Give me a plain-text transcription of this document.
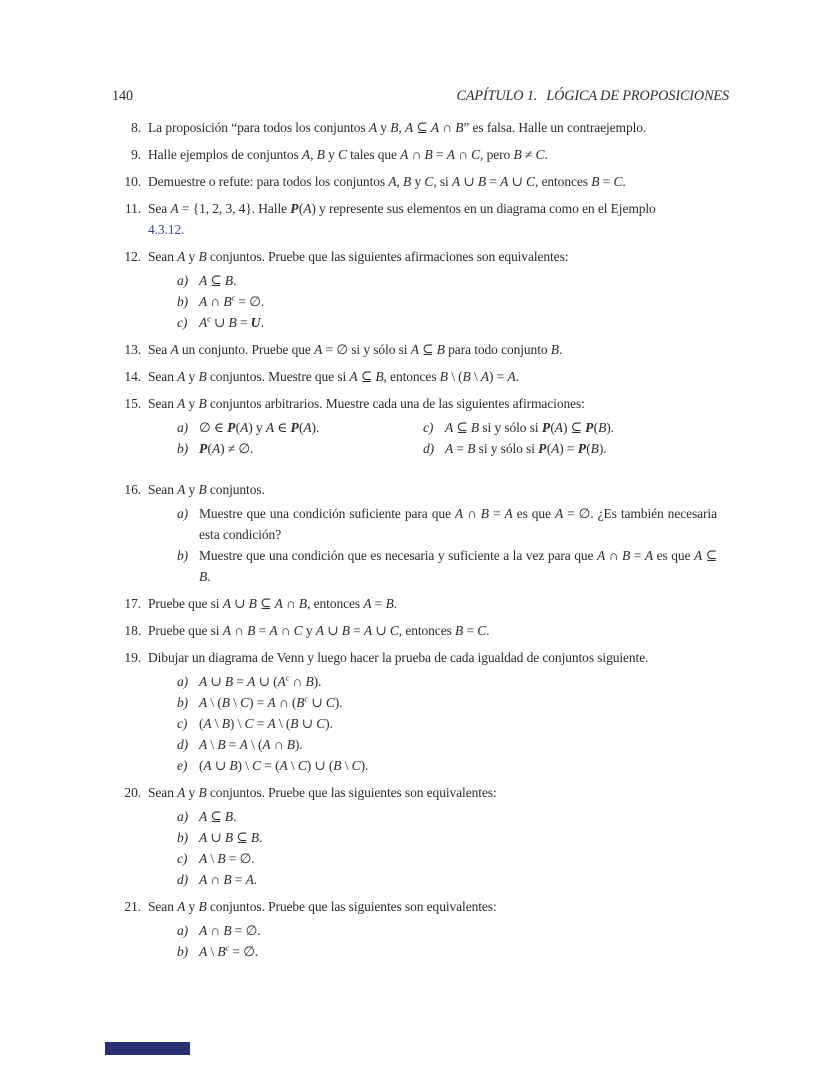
140	CAPÍTULO 1. LÓGICA DE PROPOSICIONES
8. La proposición “para todos los conjuntos A y B, A ⊆ A ∩ B” es falsa. Halle un contraejemplo.
9. Halle ejemplos de conjuntos A, B y C tales que A ∩ B = A ∩ C, pero B ≠ C.
10. Demuestre o refute: para todos los conjuntos A, B y C, si A ∪ B = A ∪ C, entonces B = C.
11. Sea A = {1, 2, 3, 4}. Halle P(A) y represente sus elementos en un diagrama como en el Ejemplo
4.3.12.
12. Sean A y B conjuntos. Pruebe que las siguientes afirmaciones son equivalentes:
a) A ⊆ B.
b) A ∩ $B^c$ = ∅.
c) $A^c$ ∪ B = U.
13. Sea A un conjunto. Pruebe que A = ∅ si y sólo si A ⊆ B para todo conjunto B.
14. Sean A y B conjuntos. Muestre que si A ⊆ B, entonces B \ (B \ A) = A.
15. Sean A y B conjuntos arbitrarios. Muestre cada una de las siguientes afirmaciones:
a) ∅ ∈ P(A) y A ∈ P(A).
b) P(A) ≠ ∅.
c) A ⊆ B si y sólo si P(A) ⊆ P(B).
d) A = B si y sólo si P(A) = P(B).
16. Sean A y B conjuntos.
a) Muestre que una condición suficiente para que A ∩ B = A es que A = ∅. ¿Es también necesaria esta condición?
b) Muestre que una condición que es necesaria y suficiente a la vez para que A ∩ B = A es que A ⊆ B.
17. Pruebe que si A ∪ B ⊆ A ∩ B, entonces A = B.
18. Pruebe que si A ∩ B = A ∩ C y A ∪ B = A ∪ C, entonces B = C.
19. Dibujar un diagrama de Venn y luego hacer la prueba de cada igualdad de conjuntos siguiente.
a) A ∪ B = A ∪ ($A^c$ ∩ B).
b) A \ (B \ C) = A ∩ ($B^c$ ∪ C).
c) (A \ B) \ C = A \ (B ∪ C).
d) A \ B = A \ (A ∩ B).
e) (A ∪ B) \ C = (A \ C) ∪ (B \ C).
20. Sean A y B conjuntos. Pruebe que las siguientes son equivalentes:
a) A ⊆ B.
b) A ∪ B ⊆ B.
c) A \ B = ∅.
d) A ∩ B = A.
21. Sean A y B conjuntos. Pruebe que las siguientes son equivalentes:
a) A ∩ B = ∅.
b) A \ $B^c$ = ∅.
